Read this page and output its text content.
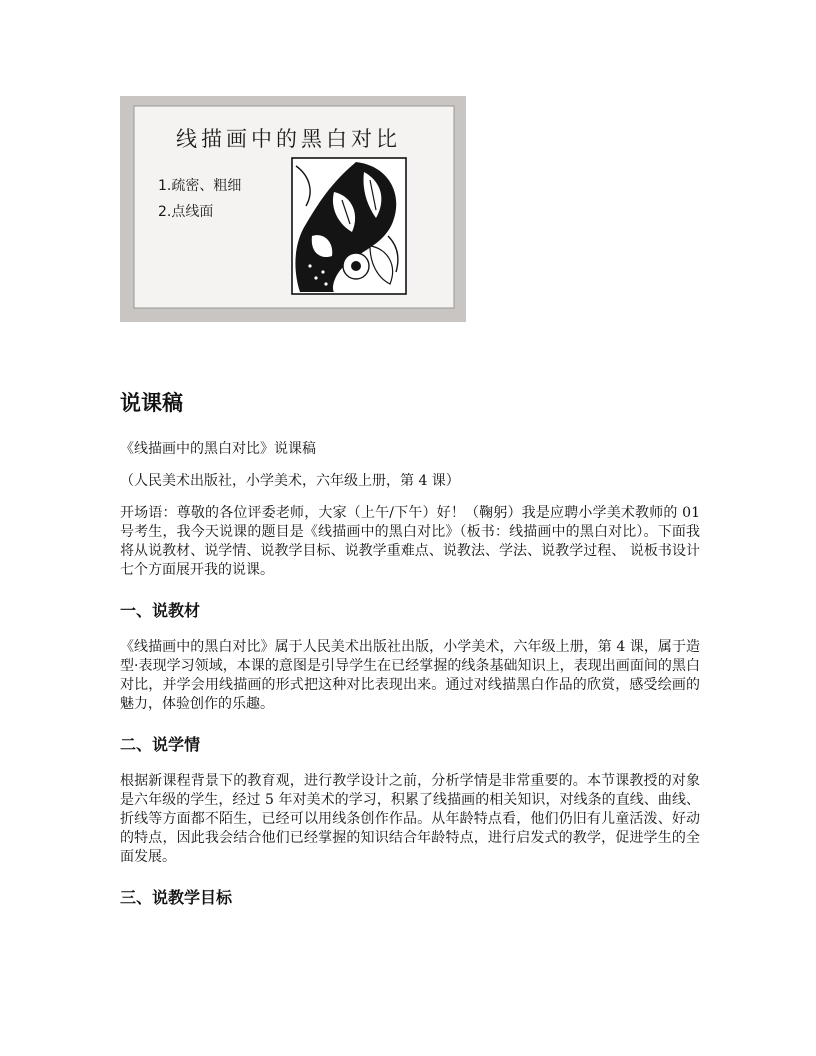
线描画中的黑白对比
1.疏密、粗细
2.点线面
说课稿

《线描画中的黑白对比》说课稿

（人民美术出版社，小学美术，六年级上册，第 4 课）

开场语：尊敬的各位评委老师，大家（上午/下午）好！（鞠躬）我是应聘小学美术教师的 01 号考生，我今天说课的题目是《线描画中的黑白对比》（板书：线描画中的黑白对比）。下面我将从说教材、说学情、说教学目标、说教学重难点、说教法、学法、说教学过程、 说板书设计七个方面展开我的说课。

一、说教材

《线描画中的黑白对比》属于人民美术出版社出版，小学美术，六年级上册，第 4 课，属于造型·表现学习领域，本课的意图是引导学生在已经掌握的线条基础知识上，表现出画面间的黑白对比，并学会用线描画的形式把这种对比表现出来。通过对线描黑白作品的欣赏，感受绘画的魅力，体验创作的乐趣。

二、说学情

根据新课程背景下的教育观，进行教学设计之前，分析学情是非常重要的。本节课教授的对象是六年级的学生，经过 5 年对美术的学习，积累了线描画的相关知识，对线条的直线、曲线、折线等方面都不陌生，已经可以用线条创作作品。从年龄特点看，他们仍旧有儿童活泼、好动的特点，因此我会结合他们已经掌握的知识结合年龄特点，进行启发式的教学，促进学生的全面发展。

三、说教学目标
